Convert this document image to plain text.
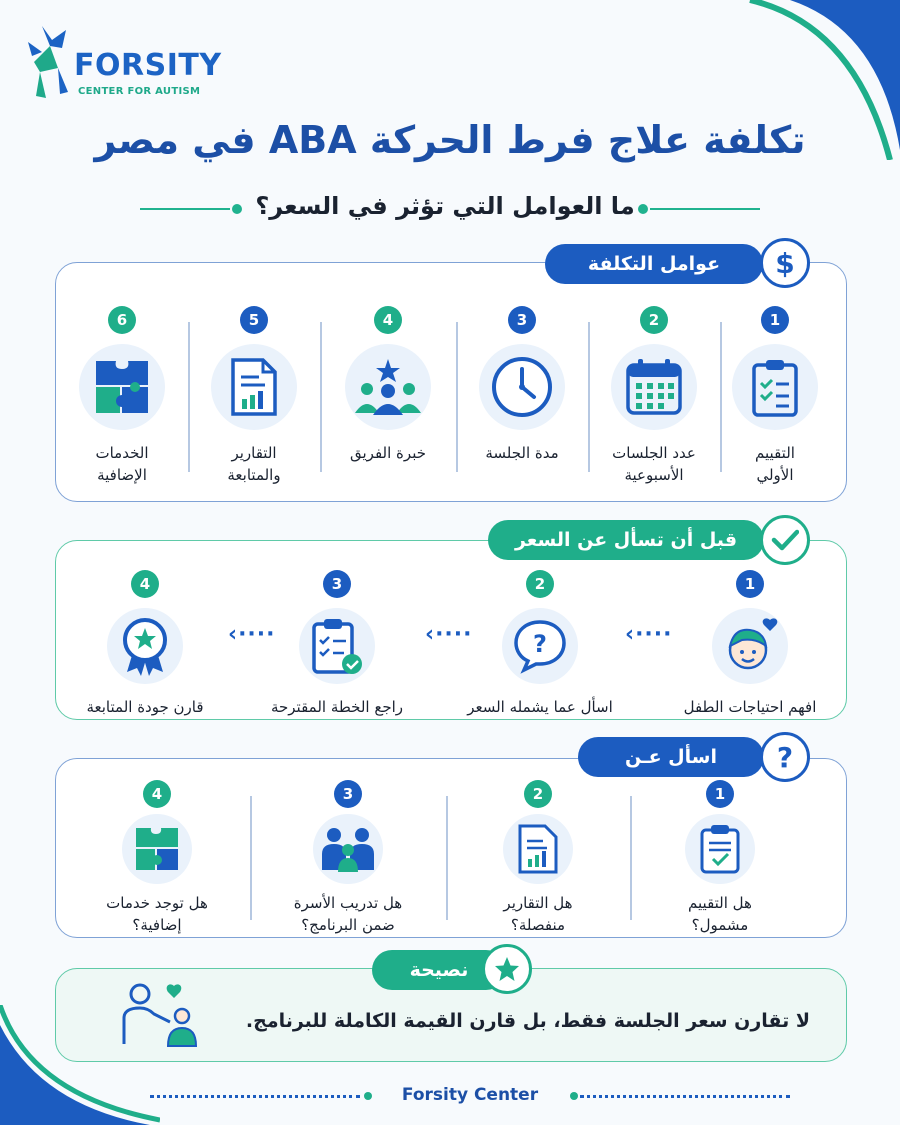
FORSITY
CENTER FOR AUTISM
تكلفة علاج فرط الحركة ABA في مصر
ما العوامل التي تؤثر في السعر؟
عوامل التكلفة	$
1
التقييم
الأولي
2
عدد الجلسات
الأسبوعية
3
مدة الجلسة
4
خبرة الفريق
5
التقارير
والمتابعة
6
الخدمات
الإضافية
قبل أن تسأل عن السعر
1
افهم احتياجات الطفل
‹····
2
?
اسأل عما يشمله السعر
‹····
3
راجع الخطة المقترحة
‹····
4
قارن جودة المتابعة
اسأل عـن	?
1
هل التقييم
مشمول؟
2
هل التقارير
منفصلة؟
3
هل تدريب الأسرة
ضمن البرنامج؟
4
هل توجد خدمات
إضافية؟
نصيحة
لا تقارن سعر الجلسة فقط، بل قارن القيمة الكاملة للبرنامج.
Forsity Center
